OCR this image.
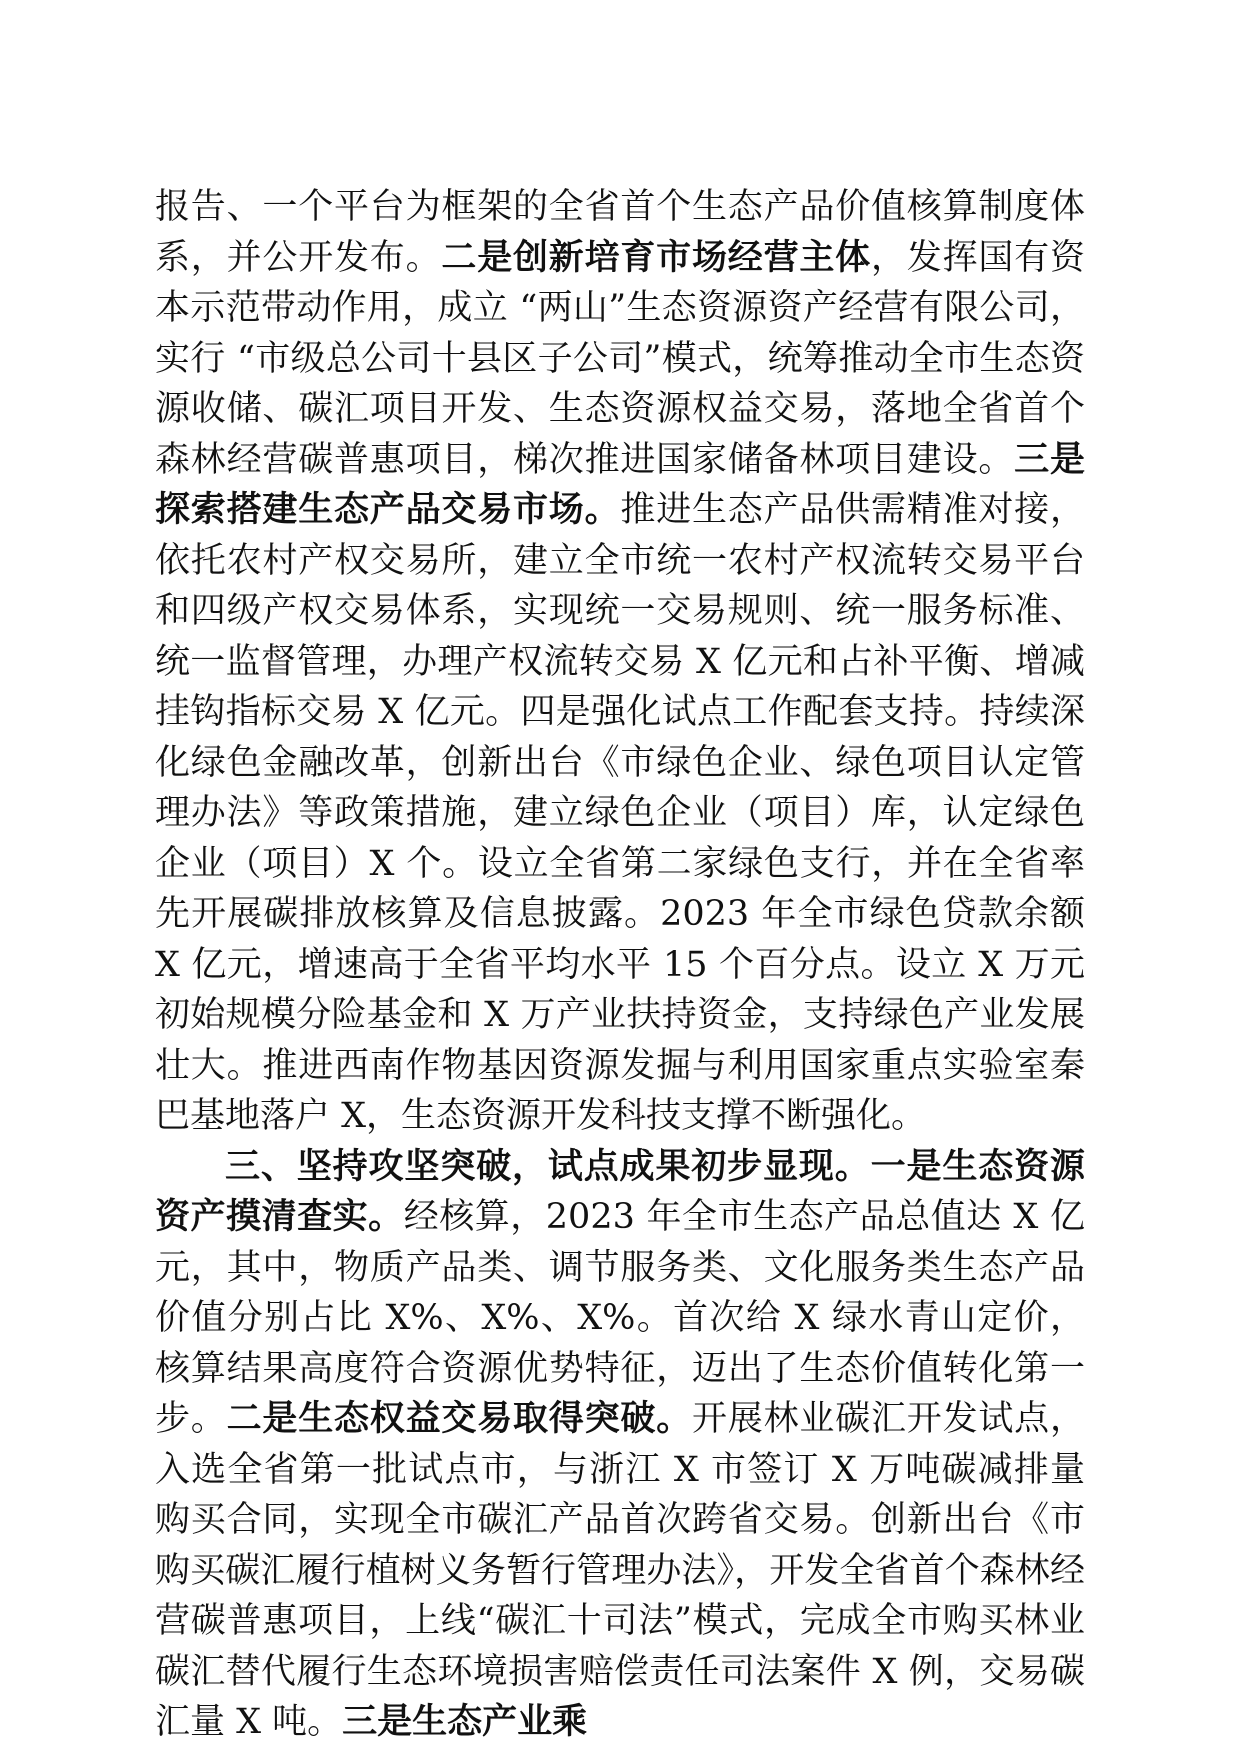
报告、一个平台为框架的全省首个生态产品价值核算制度体系，并公开发布。二是创新培育市场经营主体，发挥国有资本示范带动作用，成立 “两山”生态资源资产经营有限公司，实行 “市级总公司十县区子公司”模式，统筹推动全市生态资源收储、碳汇项目开发、生态资源权益交易，落地全省首个森林经营碳普惠项目，梯次推进国家储备林项目建设。三是探索搭建生态产品交易市场。推进生态产品供需精准对接，依托农村产权交易所，建立全市统一农村产权流转交易平台和四级产权交易体系，实现统一交易规则、统一服务标准、统一监督管理，办理产权流转交易 X 亿元和占补平衡、增减挂钩指标交易 X 亿元。四是强化试点工作配套支持。持续深化绿色金融改革，创新出台《市绿色企业、绿色项目认定管理办法》等政策措施，建立绿色企业（项目）库，认定绿色企业（项目）X 个。设立全省第二家绿色支行，并在全省率先开展碳排放核算及信息披露。2023 年全市绿色贷款余额 X 亿元，增速高于全省平均水平 15 个百分点。设立 X 万元初始规模分险基金和 X 万产业扶持资金，支持绿色产业发展壮大。推进西南作物基因资源发掘与利用国家重点实验室秦巴基地落户 X，生态资源开发科技支撑不断强化。

三、坚持攻坚突破，试点成果初步显现。一是生态资源资产摸清查实。经核算，2023 年全市生态产品总值达 X 亿元，其中，物质产品类、调节服务类、文化服务类生态产品价值分别占比 X%、X%、X%。首次给 X 绿水青山定价，核算结果高度符合资源优势特征，迈出了生态价值转化第一步。二是生态权益交易取得突破。开展林业碳汇开发试点，入选全省第一批试点市，与浙江 X 市签订 X 万吨碳减排量购买合同，实现全市碳汇产品首次跨省交易。创新出台《市购买碳汇履行植树义务暂行管理办法》，开发全省首个森林经营碳普惠项目，上线“碳汇十司法”模式，完成全市购买林业碳汇替代履行生态环境损害赔偿责任司法案件 X 例，交易碳汇量 X 吨。三是生态产业乘
